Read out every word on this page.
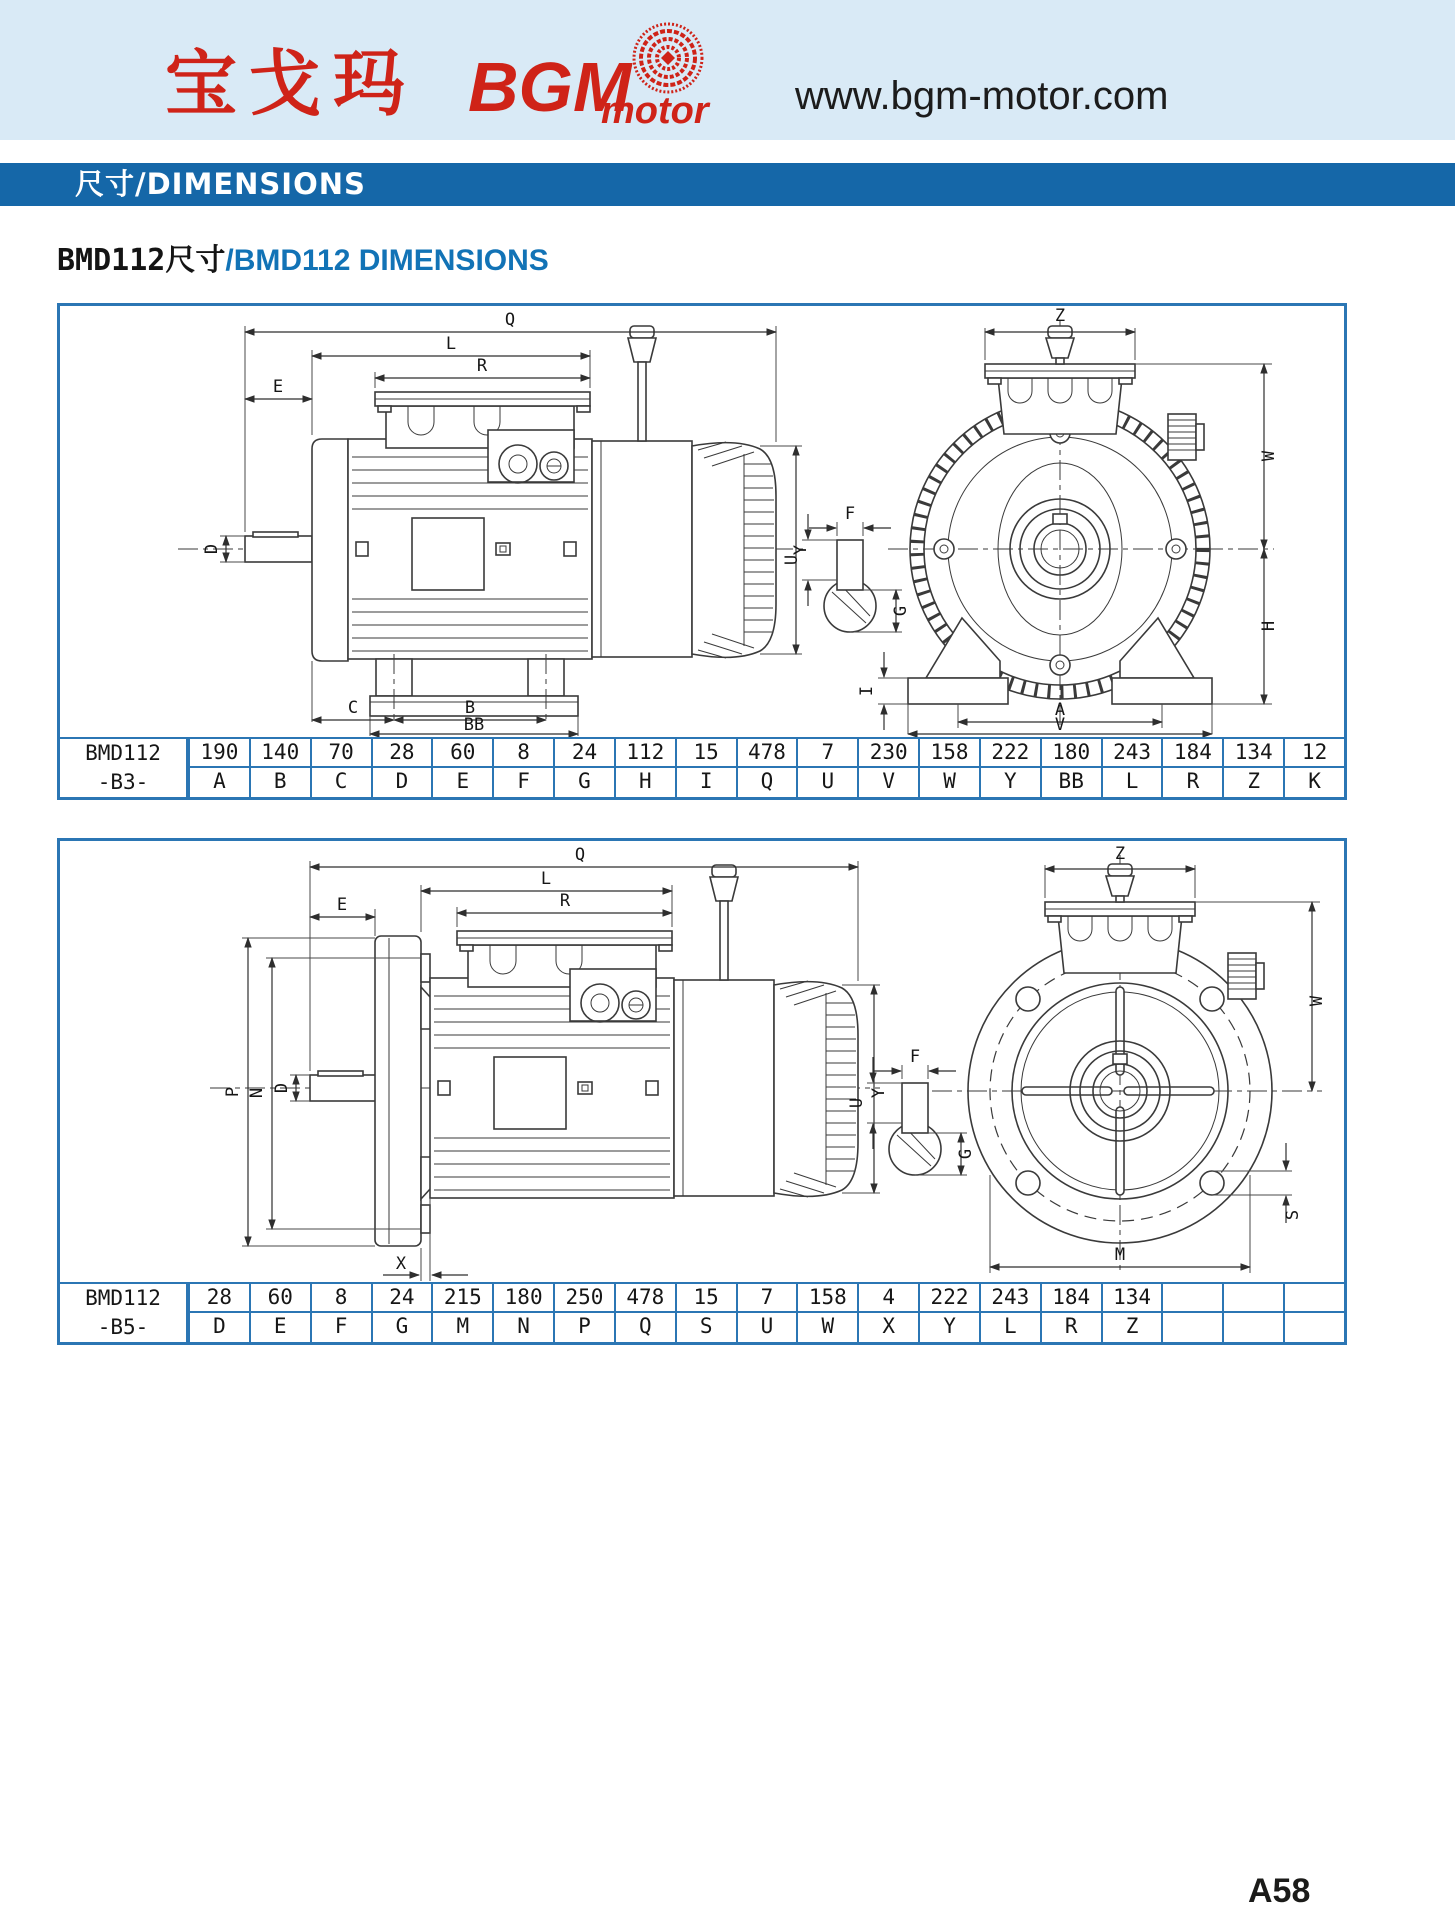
宝戈玛 BGM
motor www.bgm-motor.com
尺寸/DIMENSIONS
BMD112尺寸/BMD112 DIMENSIONS
Q
L
R
E
D	Y
C	B
BB
Z
W
H
I
A
V
F
U
G
BMD112
-B3-
190
A
140
B
70
C
28
D
60
E
8
F
24
G
112
H
15
I
478
Q
7
U
230
V
158
W
222
Y
180
BB
243
L
184
R
134
Z
12
K
Q
L
R
E
P N D
X
Y
Z
W
M
S
F
U
G
BMD112
-B5-
28
D
60
E
8
F
24
G
215
M
180
N
250
P
478
Q
15
S
7
U
158
W
4
X
222
Y
243
L
184
R
134
Z
A58
